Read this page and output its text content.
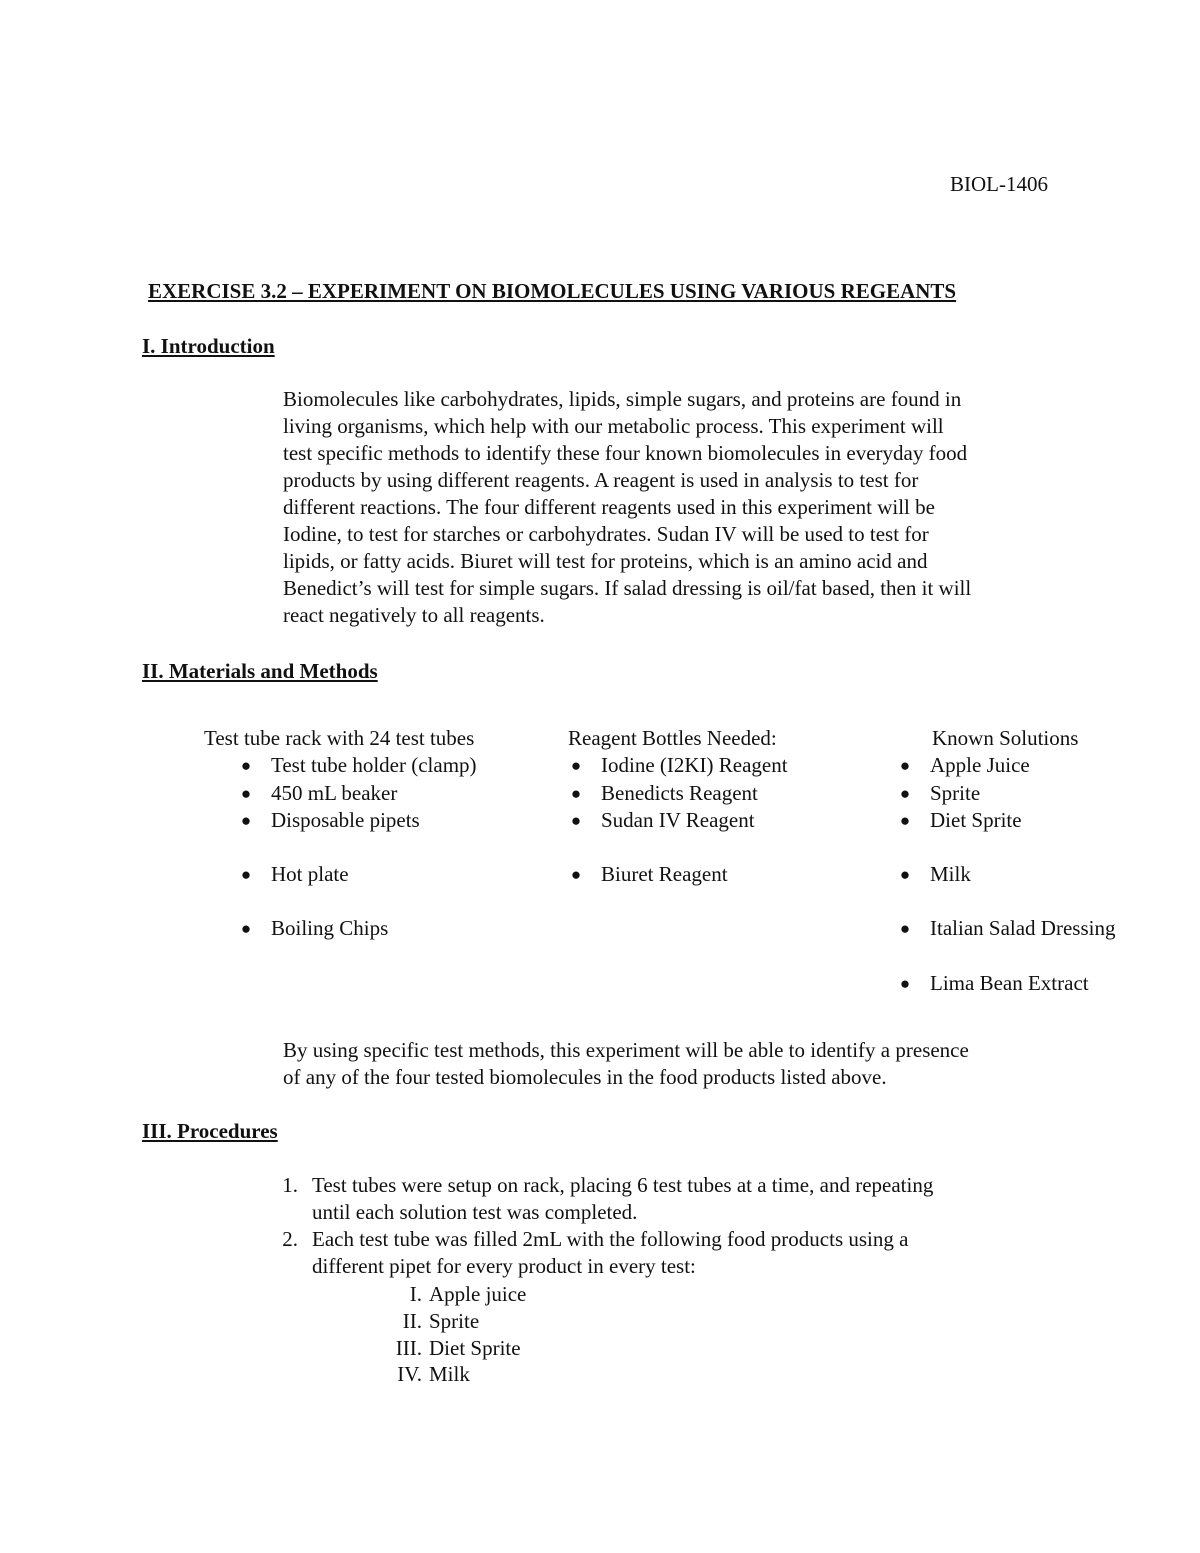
BIOL-1406
EXERCISE 3.2 – EXPERIMENT ON BIOMOLECULES USING VARIOUS REGEANTS
I. Introduction
Biomolecules like carbohydrates, lipids, simple sugars, and proteins are found in
living organisms, which help with our metabolic process. This experiment will
test specific methods to identify these four known biomolecules in everyday food
products by using different reagents. A reagent is used in analysis to test for
different reactions. The four different reagents used in this experiment will be
Iodine, to test for starches or carbohydrates. Sudan IV will be used to test for
lipids, or fatty acids. Biuret will test for proteins, which is an amino acid and
Benedict’s will test for simple sugars. If salad dressing is oil/fat based, then it will
react negatively to all reagents.
II. Materials and Methods
Test tube rack with 24 test tubes
● Test tube holder (clamp)
● 450 mL beaker
● Disposable pipets
● Hot plate
● Boiling Chips
Reagent Bottles Needed:
● Iodine (I2KI) Reagent
● Benedicts Reagent
● Sudan IV Reagent
● Biuret Reagent
Known Solutions
● Apple Juice
● Sprite
● Diet Sprite
● Milk
● Italian Salad Dressing
● Lima Bean Extract
By using specific test methods, this experiment will be able to identify a presence
of any of the four tested biomolecules in the food products listed above.
III. Procedures
1. Test tubes were setup on rack, placing 6 test tubes at a time, and repeating
until each solution test was completed.
2. Each test tube was filled 2mL with the following food products using a
different pipet for every product in every test:
I. Apple juice
II. Sprite
III. Diet Sprite
IV. Milk
